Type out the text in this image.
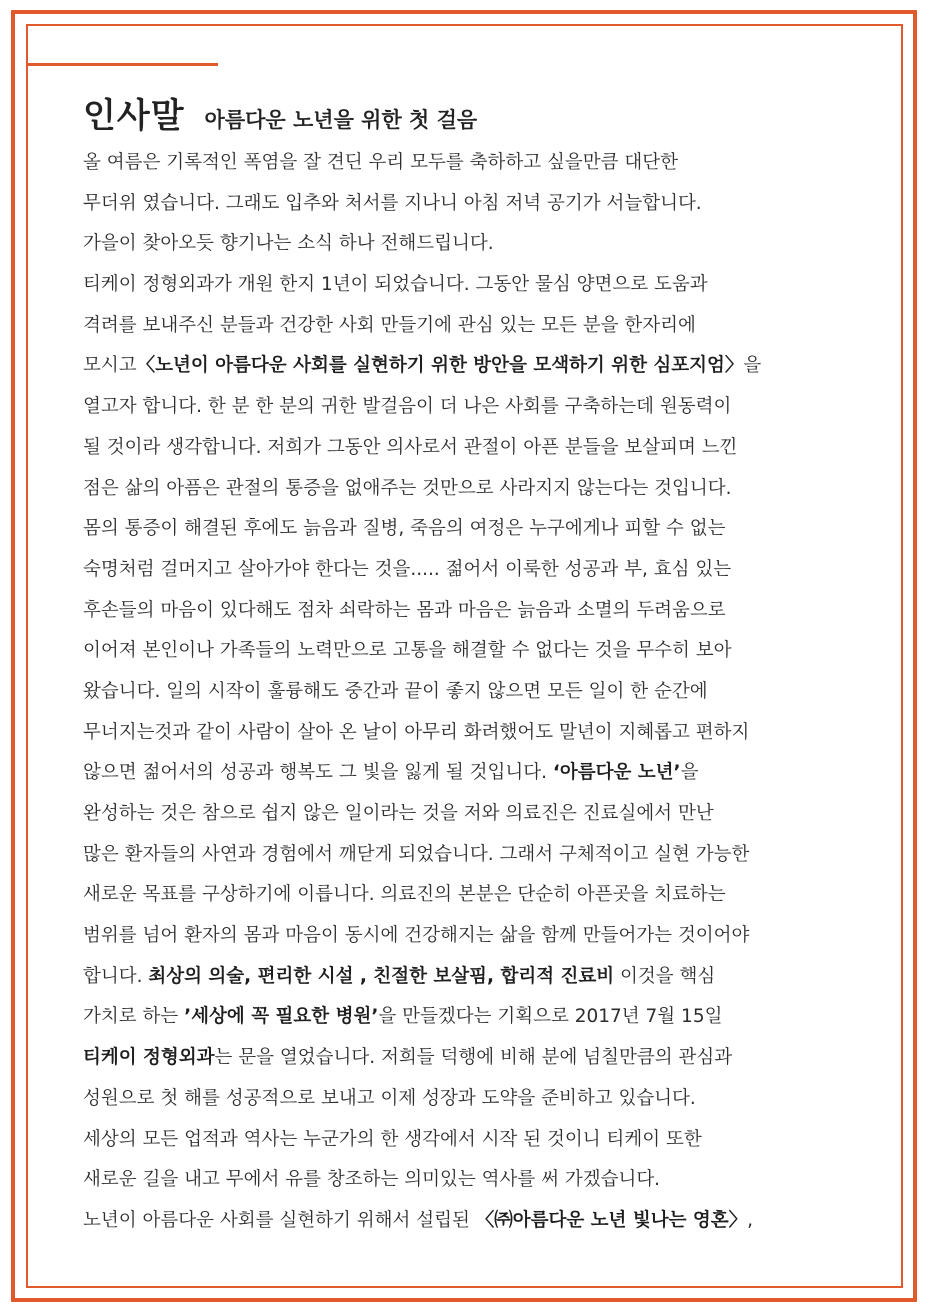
인사말 아름다운 노년을 위한 첫 걸음
올 여름은 기록적인 폭염을 잘 견딘 우리 모두를 축하하고 싶을만큼 대단한
무더위 였습니다. 그래도 입추와 처서를 지나니 아침 저녁 공기가 서늘합니다.
가을이 찾아오듯 향기나는 소식 하나 전해드립니다.
티케이 정형외과가 개원 한지 1년이 되었습니다. 그동안 물심 양면으로 도움과
격려를 보내주신 분들과 건강한 사회 만들기에 관심 있는 모든 분을 한자리에
모시고〈노년이 아름다운 사회를 실현하기 위한 방안을 모색하기 위한 심포지엄〉을
열고자 합니다. 한 분 한 분의 귀한 발걸음이 더 나은 사회를 구축하는데 원동력이
될 것이라 생각합니다. 저희가 그동안 의사로서 관절이 아픈 분들을 보살피며 느낀
점은 삶의 아픔은 관절의 통증을 없애주는 것만으로 사라지지 않는다는 것입니다.
몸의 통증이 해결된 후에도 늙음과 질병, 죽음의 여정은 누구에게나 피할 수 없는
숙명처럼 걸머지고 살아가야 한다는 것을..... 젊어서 이룩한 성공과 부, 효심 있는
후손들의 마음이 있다해도 점차 쇠락하는 몸과 마음은 늙음과 소멸의 두려움으로
이어져 본인이나 가족들의 노력만으로 고통을 해결할 수 없다는 것을 무수히 보아
왔습니다. 일의 시작이 훌륭해도 중간과 끝이 좋지 않으면 모든 일이 한 순간에
무너지는것과 같이 사람이 살아 온 날이 아무리 화려했어도 말년이 지혜롭고 편하지
않으면 젊어서의 성공과 행복도 그 빛을 잃게 될 것입니다. ‘아름다운 노년’을
완성하는 것은 참으로 쉽지 않은 일이라는 것을 저와 의료진은 진료실에서 만난
많은 환자들의 사연과 경험에서 깨닫게 되었습니다. 그래서 구체적이고 실현 가능한
새로운 목표를 구상하기에 이릅니다. 의료진의 본분은 단순히 아픈곳을 치료하는
범위를 넘어 환자의 몸과 마음이 동시에 건강해지는 삶을 함께 만들어가는 것이어야
합니다. 최상의 의술, 편리한 시설 , 친절한 보살핌, 합리적 진료비 이것을 핵심
가치로 하는 ’세상에 꼭 필요한 병원’을 만들겠다는 기획으로 2017년 7월 15일
티케이 정형외과는 문을 열었습니다. 저희들 덕행에 비해 분에 넘칠만큼의 관심과
성원으로 첫 해를 성공적으로 보내고 이제 성장과 도약을 준비하고 있습니다.
세상의 모든 업적과 역사는 누군가의 한 생각에서 시작 된 것이니 티케이 또한
새로운 길을 내고 무에서 유를 창조하는 의미있는 역사를 써 가겠습니다.
노년이 아름다운 사회를 실현하기 위해서 설립된 〈㈜아름다운 노년 빛나는 영혼〉,
